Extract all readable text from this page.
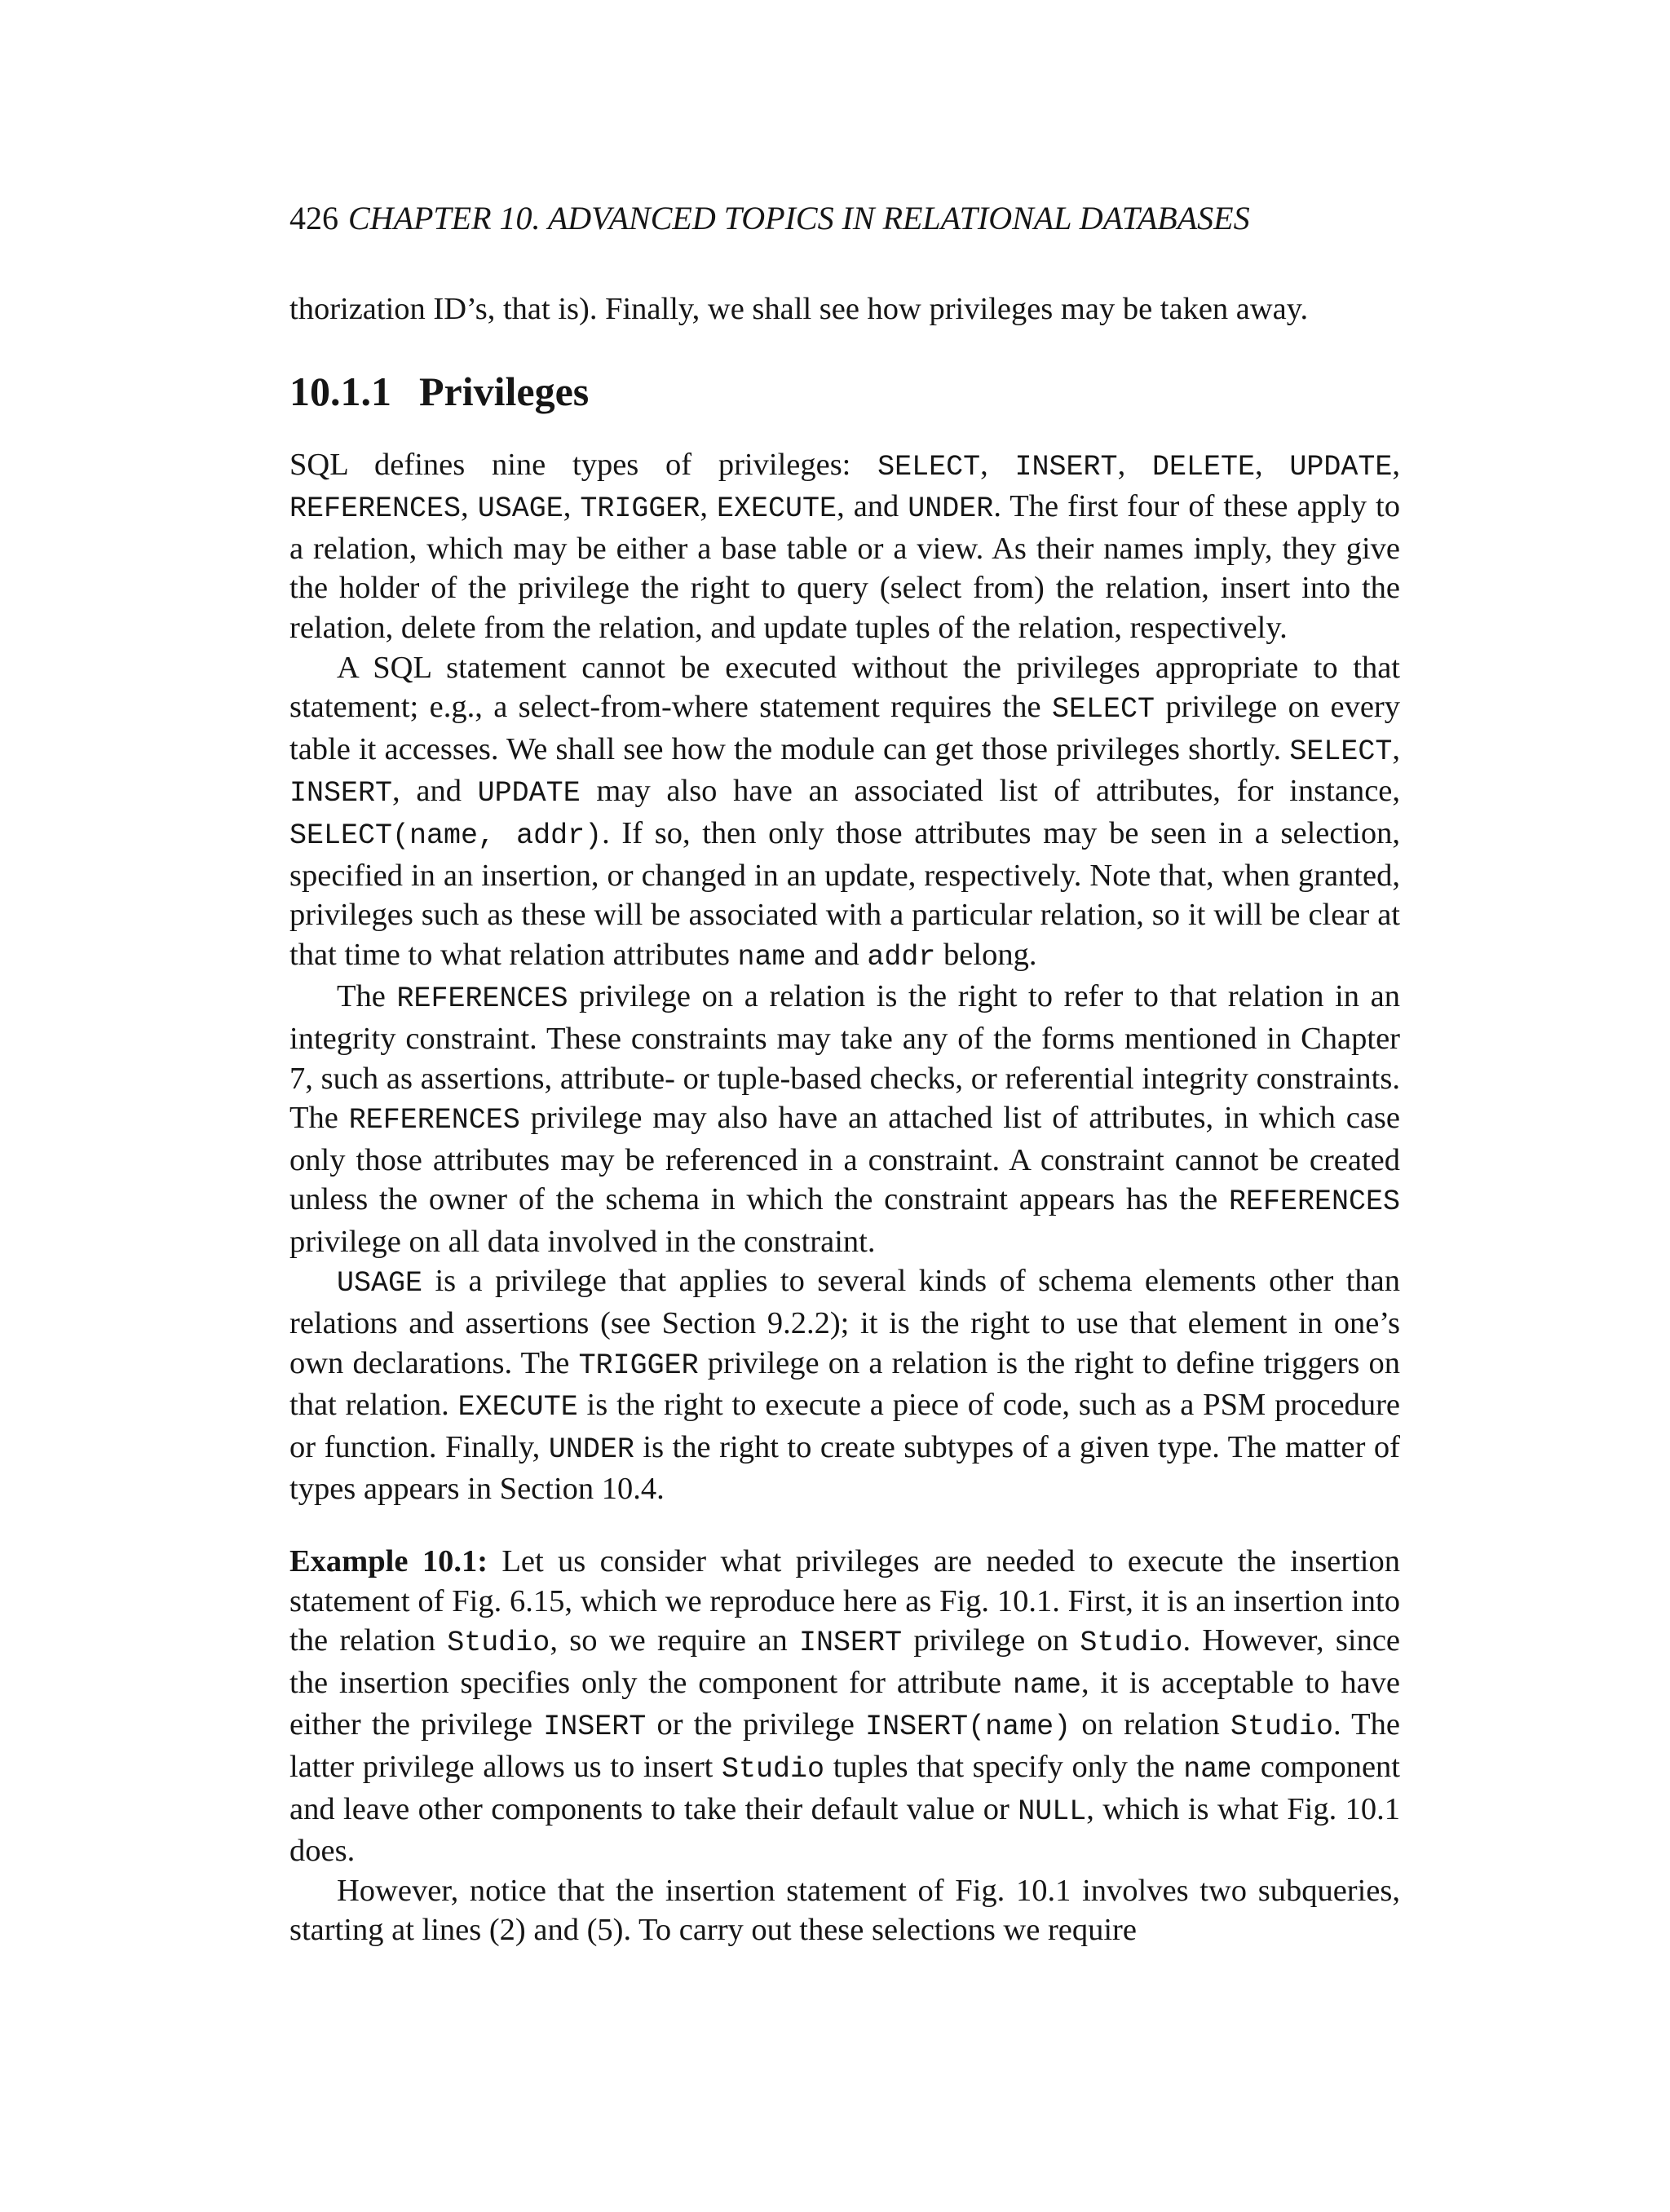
426 CHAPTER 10. ADVANCED TOPICS IN RELATIONAL DATABASES

thorization ID’s, that is). Finally, we shall see how privileges may be taken away.

10.1.1 Privileges

SQL defines nine types of privileges: SELECT, INSERT, DELETE, UPDATE, REFERENCES, USAGE, TRIGGER, EXECUTE, and UNDER. The first four of these apply to a relation, which may be either a base table or a view. As their names imply, they give the holder of the privilege the right to query (select from) the relation, insert into the relation, delete from the relation, and update tuples of the relation, respectively.

A SQL statement cannot be executed without the privileges appropriate to that statement; e.g., a select-from-where statement requires the SELECT privilege on every table it accesses. We shall see how the module can get those privileges shortly. SELECT, INSERT, and UPDATE may also have an associated list of attributes, for instance, SELECT(name, addr). If so, then only those attributes may be seen in a selection, specified in an insertion, or changed in an update, respectively. Note that, when granted, privileges such as these will be associated with a particular relation, so it will be clear at that time to what relation attributes name and addr belong.

The REFERENCES privilege on a relation is the right to refer to that relation in an integrity constraint. These constraints may take any of the forms mentioned in Chapter 7, such as assertions, attribute- or tuple-based checks, or referential integrity constraints. The REFERENCES privilege may also have an attached list of attributes, in which case only those attributes may be referenced in a constraint. A constraint cannot be created unless the owner of the schema in which the constraint appears has the REFERENCES privilege on all data involved in the constraint.

USAGE is a privilege that applies to several kinds of schema elements other than relations and assertions (see Section 9.2.2); it is the right to use that element in one’s own declarations. The TRIGGER privilege on a relation is the right to define triggers on that relation. EXECUTE is the right to execute a piece of code, such as a PSM procedure or function. Finally, UNDER is the right to create subtypes of a given type. The matter of types appears in Section 10.4.

Example 10.1: Let us consider what privileges are needed to execute the insertion statement of Fig. 6.15, which we reproduce here as Fig. 10.1. First, it is an insertion into the relation Studio, so we require an INSERT privilege on Studio. However, since the insertion specifies only the component for attribute name, it is acceptable to have either the privilege INSERT or the privilege INSERT(name) on relation Studio. The latter privilege allows us to insert Studio tuples that specify only the name component and leave other components to take their default value or NULL, which is what Fig. 10.1 does.

However, notice that the insertion statement of Fig. 10.1 involves two subqueries, starting at lines (2) and (5). To carry out these selections we require
